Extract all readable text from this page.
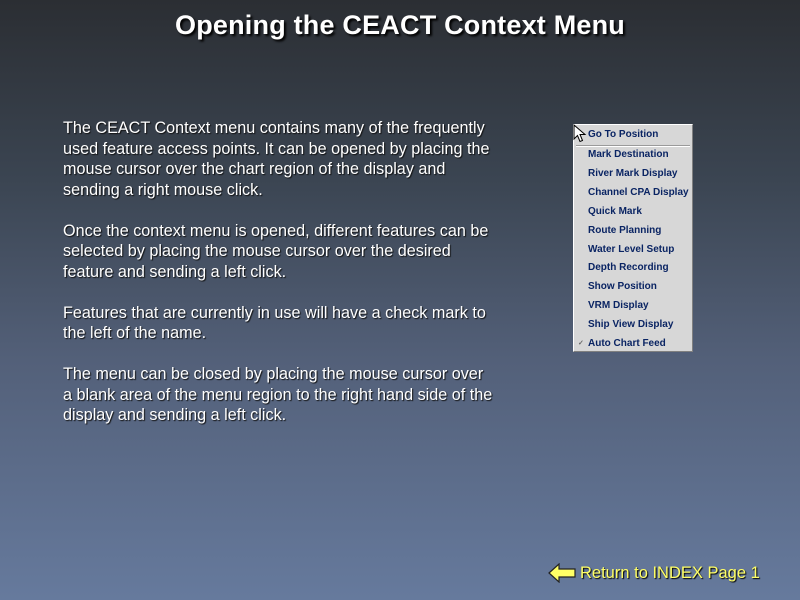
Opening the CEACT Context Menu

The CEACT Context menu contains many of the frequently used feature access points. It can be opened by placing the mouse cursor over the chart region of the display and sending a right mouse click.

Once the context menu is opened, different features can be selected by placing the mouse cursor over the desired feature and sending a left click.

Features that are currently in use will have a check mark to the left of the name.

The menu can be closed by placing the mouse cursor over a blank area of the menu region to the right hand side of the display and sending a left click.

Go To Position
Mark Destination
River Mark Display
Channel CPA Display
Quick Mark
Route Planning
Water Level Setup
Depth Recording
Show Position
VRM Display
Ship View Display
✓ Auto Chart Feed
Return to INDEX Page 1
